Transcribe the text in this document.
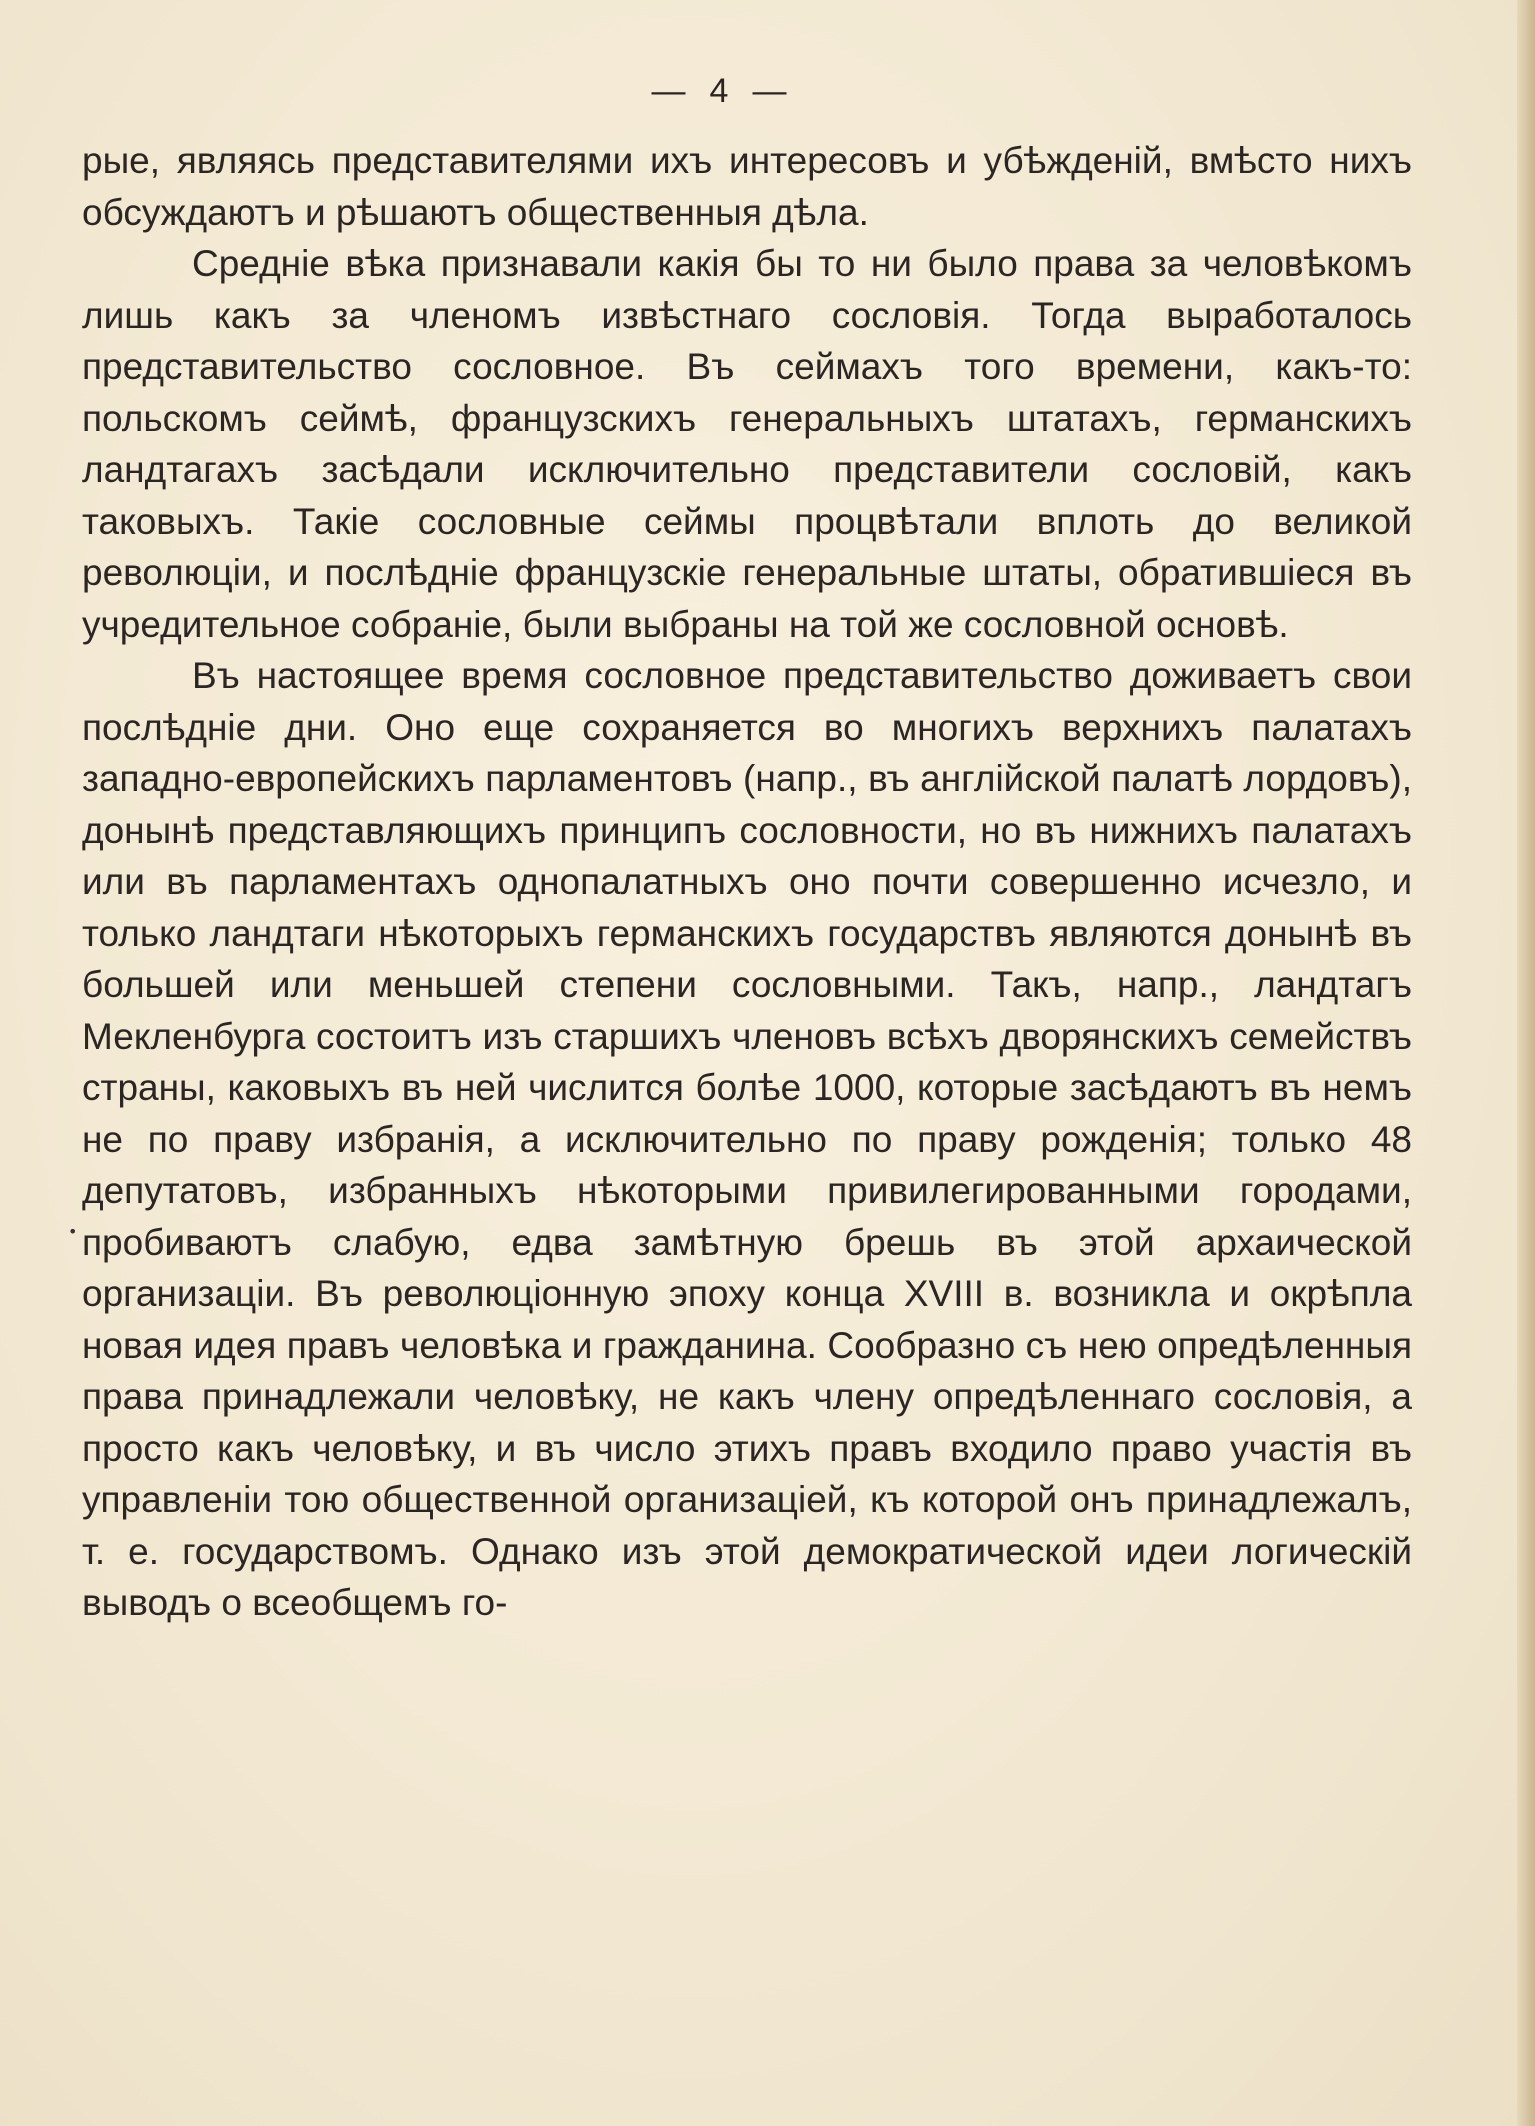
— 4 —

рые, являясь представителями ихъ интересовъ и убѣжденій, вмѣсто нихъ обсуждаютъ и рѣшаютъ общественныя дѣла.

Средніе вѣка признавали какія бы то ни было права за человѣкомъ лишь какъ за членомъ извѣстнаго сословія. Тогда выработалось представительство сословное. Въ сеймахъ того времени, какъ-то: польскомъ сеймѣ, французскихъ генеральныхъ штатахъ, германскихъ ландтагахъ засѣдали исключительно представители сословій, какъ таковыхъ. Такіе сословные сеймы процвѣтали вплоть до великой революціи, и послѣдніе французскіе генеральные штаты, обратившіеся въ учредительное собраніе, были выбраны на той же сословной основѣ.

Въ настоящее время сословное представительство доживаетъ свои послѣдніе дни. Оно еще сохраняется во многихъ верхнихъ палатахъ западно-европейскихъ парламентовъ (напр., въ англійской палатѣ лордовъ), донынѣ представляющихъ принципъ сословности, но въ нижнихъ палатахъ или въ парламентахъ однопалатныхъ оно почти совершенно исчезло, и только ландтаги нѣкоторыхъ германскихъ государствъ являются донынѣ въ большей или меньшей степени сословными. Такъ, напр., ландтагъ Мекленбурга состоитъ изъ старшихъ членовъ всѣхъ дворянскихъ семействъ страны, каковыхъ въ ней числится болѣе 1000, которые засѣдаютъ въ немъ не по праву избранія, а исключительно по праву рожденія; только 48 депутатовъ, избранныхъ нѣкоторыми привилегированными городами, пробиваютъ слабую, едва замѣтную брешь въ этой архаической организаціи. Въ революціонную эпоху конца XVIII в. возникла и окрѣпла новая идея правъ человѣка и гражданина. Сообразно съ нею опредѣленныя права принадлежали человѣку, не какъ члену опредѣленнаго сословія, а просто какъ человѣку, и въ число этихъ правъ входило право участія въ управленіи тою общественной организаціей, къ которой онъ принадлежалъ, т. е. государствомъ. Однако изъ этой демократической идеи логическій выводъ о всеобщемъ го-

•
